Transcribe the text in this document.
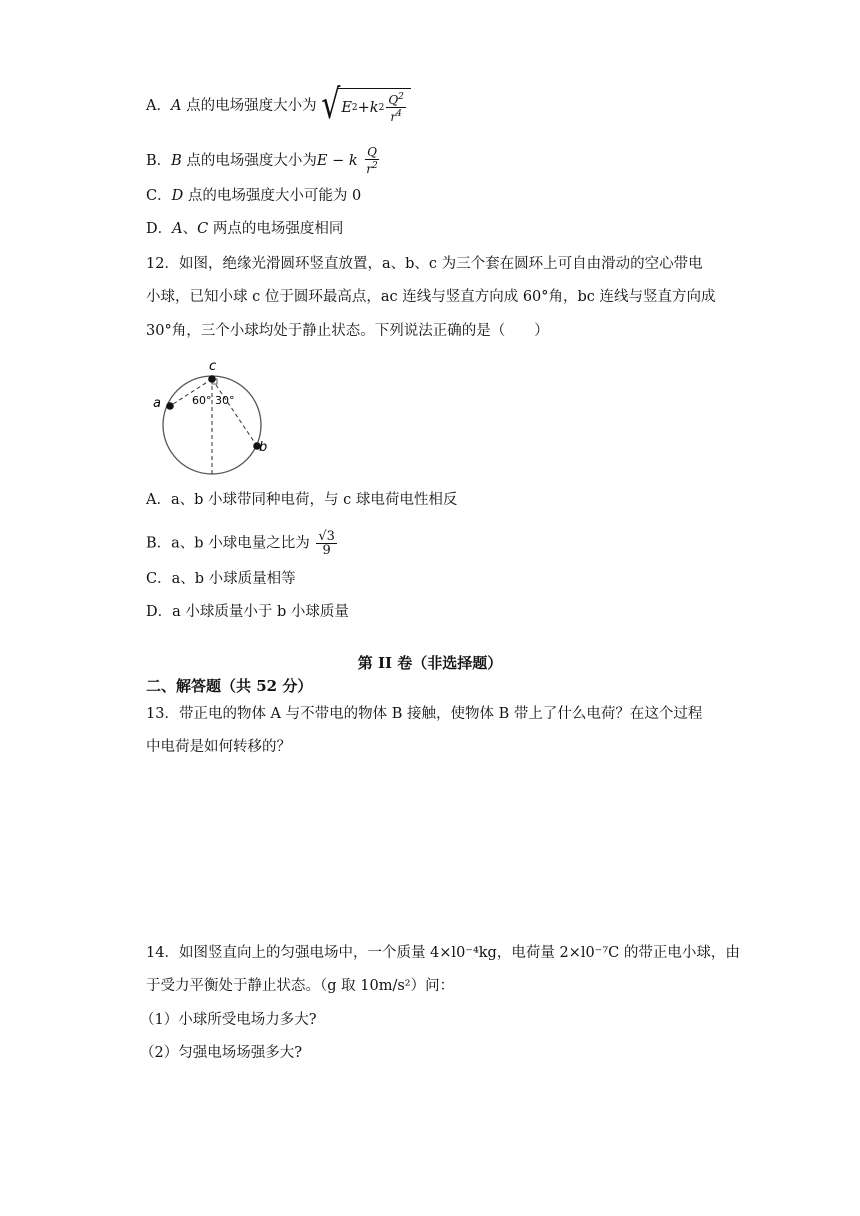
A．A 点的电场强度大小为 √ E 2 + k $2 \frac{Q^2}{r^4}$
B．B 点的电场强度大小为E − k $\frac{Q}{r^2}$
C．D 点的电场强度大小可能为 0
D．A、C 两点的电场强度相同
12．如图，绝缘光滑圆环竖直放置，a、b、c 为三个套在圆环上可自由滑动的空心带电
小球，已知小球 c 位于圆环最高点，ac 连线与竖直方向成 60°角，bc 连线与竖直方向成
30°角，三个小球均处于静止状态。下列说法正确的是（　　）
c
a
b
60° 30°
A．a、b 小球带同种电荷，与 c 球电荷电性相反
B．a、b 小球电量之比为 $\frac{√3}{9}$
C．a、b 小球质量相等
D．a 小球质量小于 b 小球质量
第 II 卷（非选择题）
二、解答题（共 52 分）
13．带正电的物体 A 与不带电的物体 B 接触，使物体 B 带上了什么电荷？在这个过程
中电荷是如何转移的？
14．如图竖直向上的匀强电场中，一个质量 4×l0⁻⁴kg，电荷量 2×l0⁻⁷C 的带正电小球，由
于受力平衡处于静止状态。（g 取 10m/s²）问：
（1）小球所受电场力多大?
（2）匀强电场场强多大?
